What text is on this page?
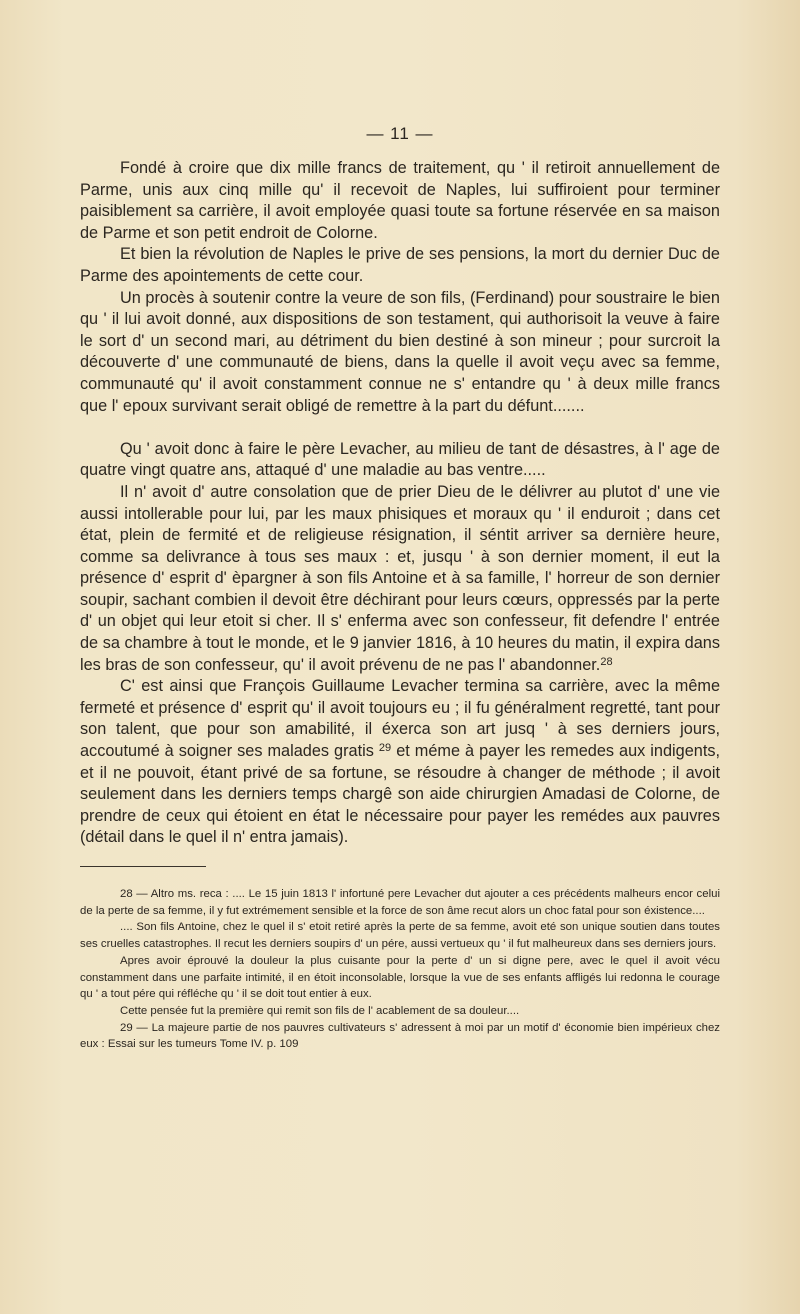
— 11 —

Fondé à croire que dix mille francs de traitement, qu ' il retiroit annuellement de Parme, unis aux cinq mille qu' il recevoit de Naples, lui suffiroient pour terminer paisiblement sa carrière, il avoit employée quasi toute sa fortune réservée en sa maison de Parme et son petit endroit de Colorne.

Et bien la révolution de Naples le prive de ses pensions, la mort du dernier Duc de Parme des apointements de cette cour.

Un procès à soutenir contre la veure de son fils, (Ferdinand) pour soustraire le bien qu ' il lui avoit donné, aux dispositions de son testament, qui authorisoit la veuve à faire le sort d' un second mari, au détriment du bien destiné à son mineur ; pour surcroit la découverte d' une communauté de biens, dans la quelle il avoit veçu avec sa femme, communauté qu' il avoit constamment connue ne s' entandre qu ' à deux mille francs que l' epoux survivant serait obligé de remettre à la part du défunt.......

Qu ' avoit donc à faire le père Levacher, au milieu de tant de désastres, à l' age de quatre vingt quatre ans, attaqué d' une maladie au bas ventre.....

Il n' avoit d' autre consolation que de prier Dieu de le délivrer au plutot d' une vie aussi intollerable pour lui, par les maux phisiques et moraux qu ' il enduroit ; dans cet état, plein de fermité et de religieuse résignation, il séntit arriver sa dernière heure, comme sa delivrance à tous ses maux : et, jusqu ' à son dernier moment, il eut la présence d' esprit d' èpargner à son fils Antoine et à sa famille, l' horreur de son dernier soupir, sachant combien il devoit être déchirant pour leurs cœurs, oppressés par la perte d' un objet qui leur etoit si cher. Il s' enferma avec son confesseur, fit defendre l' entrée de sa chambre à tout le monde, et le 9 janvier 1816, à 10 heures du matin, il expira dans les bras de son confesseur, qu' il avoit prévenu de ne pas l' abandonner.$^{28}$

C' est ainsi que François Guillaume Levacher termina sa carrière, avec la même fermeté et présence d' esprit qu' il avoit toujours eu ; il fu généralment regretté, tant pour son talent, que pour son amabilité, il éxerca son art jusq ' à ses derniers jours, accoutumé à soigner ses malades gratis $^{29}$ et méme à payer les remedes aux indigents, et il ne pouvoit, étant privé de sa fortune, se résoudre à changer de méthode ; il avoit seulement dans les derniers temps chargê son aide chirurgien Amadasi de Colorne, de prendre de ceux qui étoient en état le nécessaire pour payer les remédes aux pauvres (détail dans le quel il n' entra jamais).

28 — Altro ms. reca : .... Le 15 juin 1813 l' infortuné pere Levacher dut ajouter a ces précédents malheurs encor celui de la perte de sa femme, il y fut extrémement sensible et la force de son âme recut alors un choc fatal pour son éxistence....

.... Son fils Antoine, chez le quel il s' etoit retiré après la perte de sa femme, avoit eté son unique soutien dans toutes ses cruelles catastrophes. Il recut les derniers soupirs d' un pére, aussi vertueux qu ' il fut malheureux dans ses derniers jours.

Apres avoir éprouvé la douleur la plus cuisante pour la perte d' un si digne pere, avec le quel il avoit vécu constamment dans une parfaite intimité, il en étoit inconsolable, lorsque la vue de ses enfants affligés lui redonna le courage qu ' a tout pére qui réfléche qu ' il se doit tout entier à eux.

Cette pensée fut la première qui remit son fils de l' acablement de sa douleur....

29 — La majeure partie de nos pauvres cultivateurs s' adressent à moi par un motif d' économie bien impérieux chez eux : Essai sur les tumeurs Tome IV. p. 109
